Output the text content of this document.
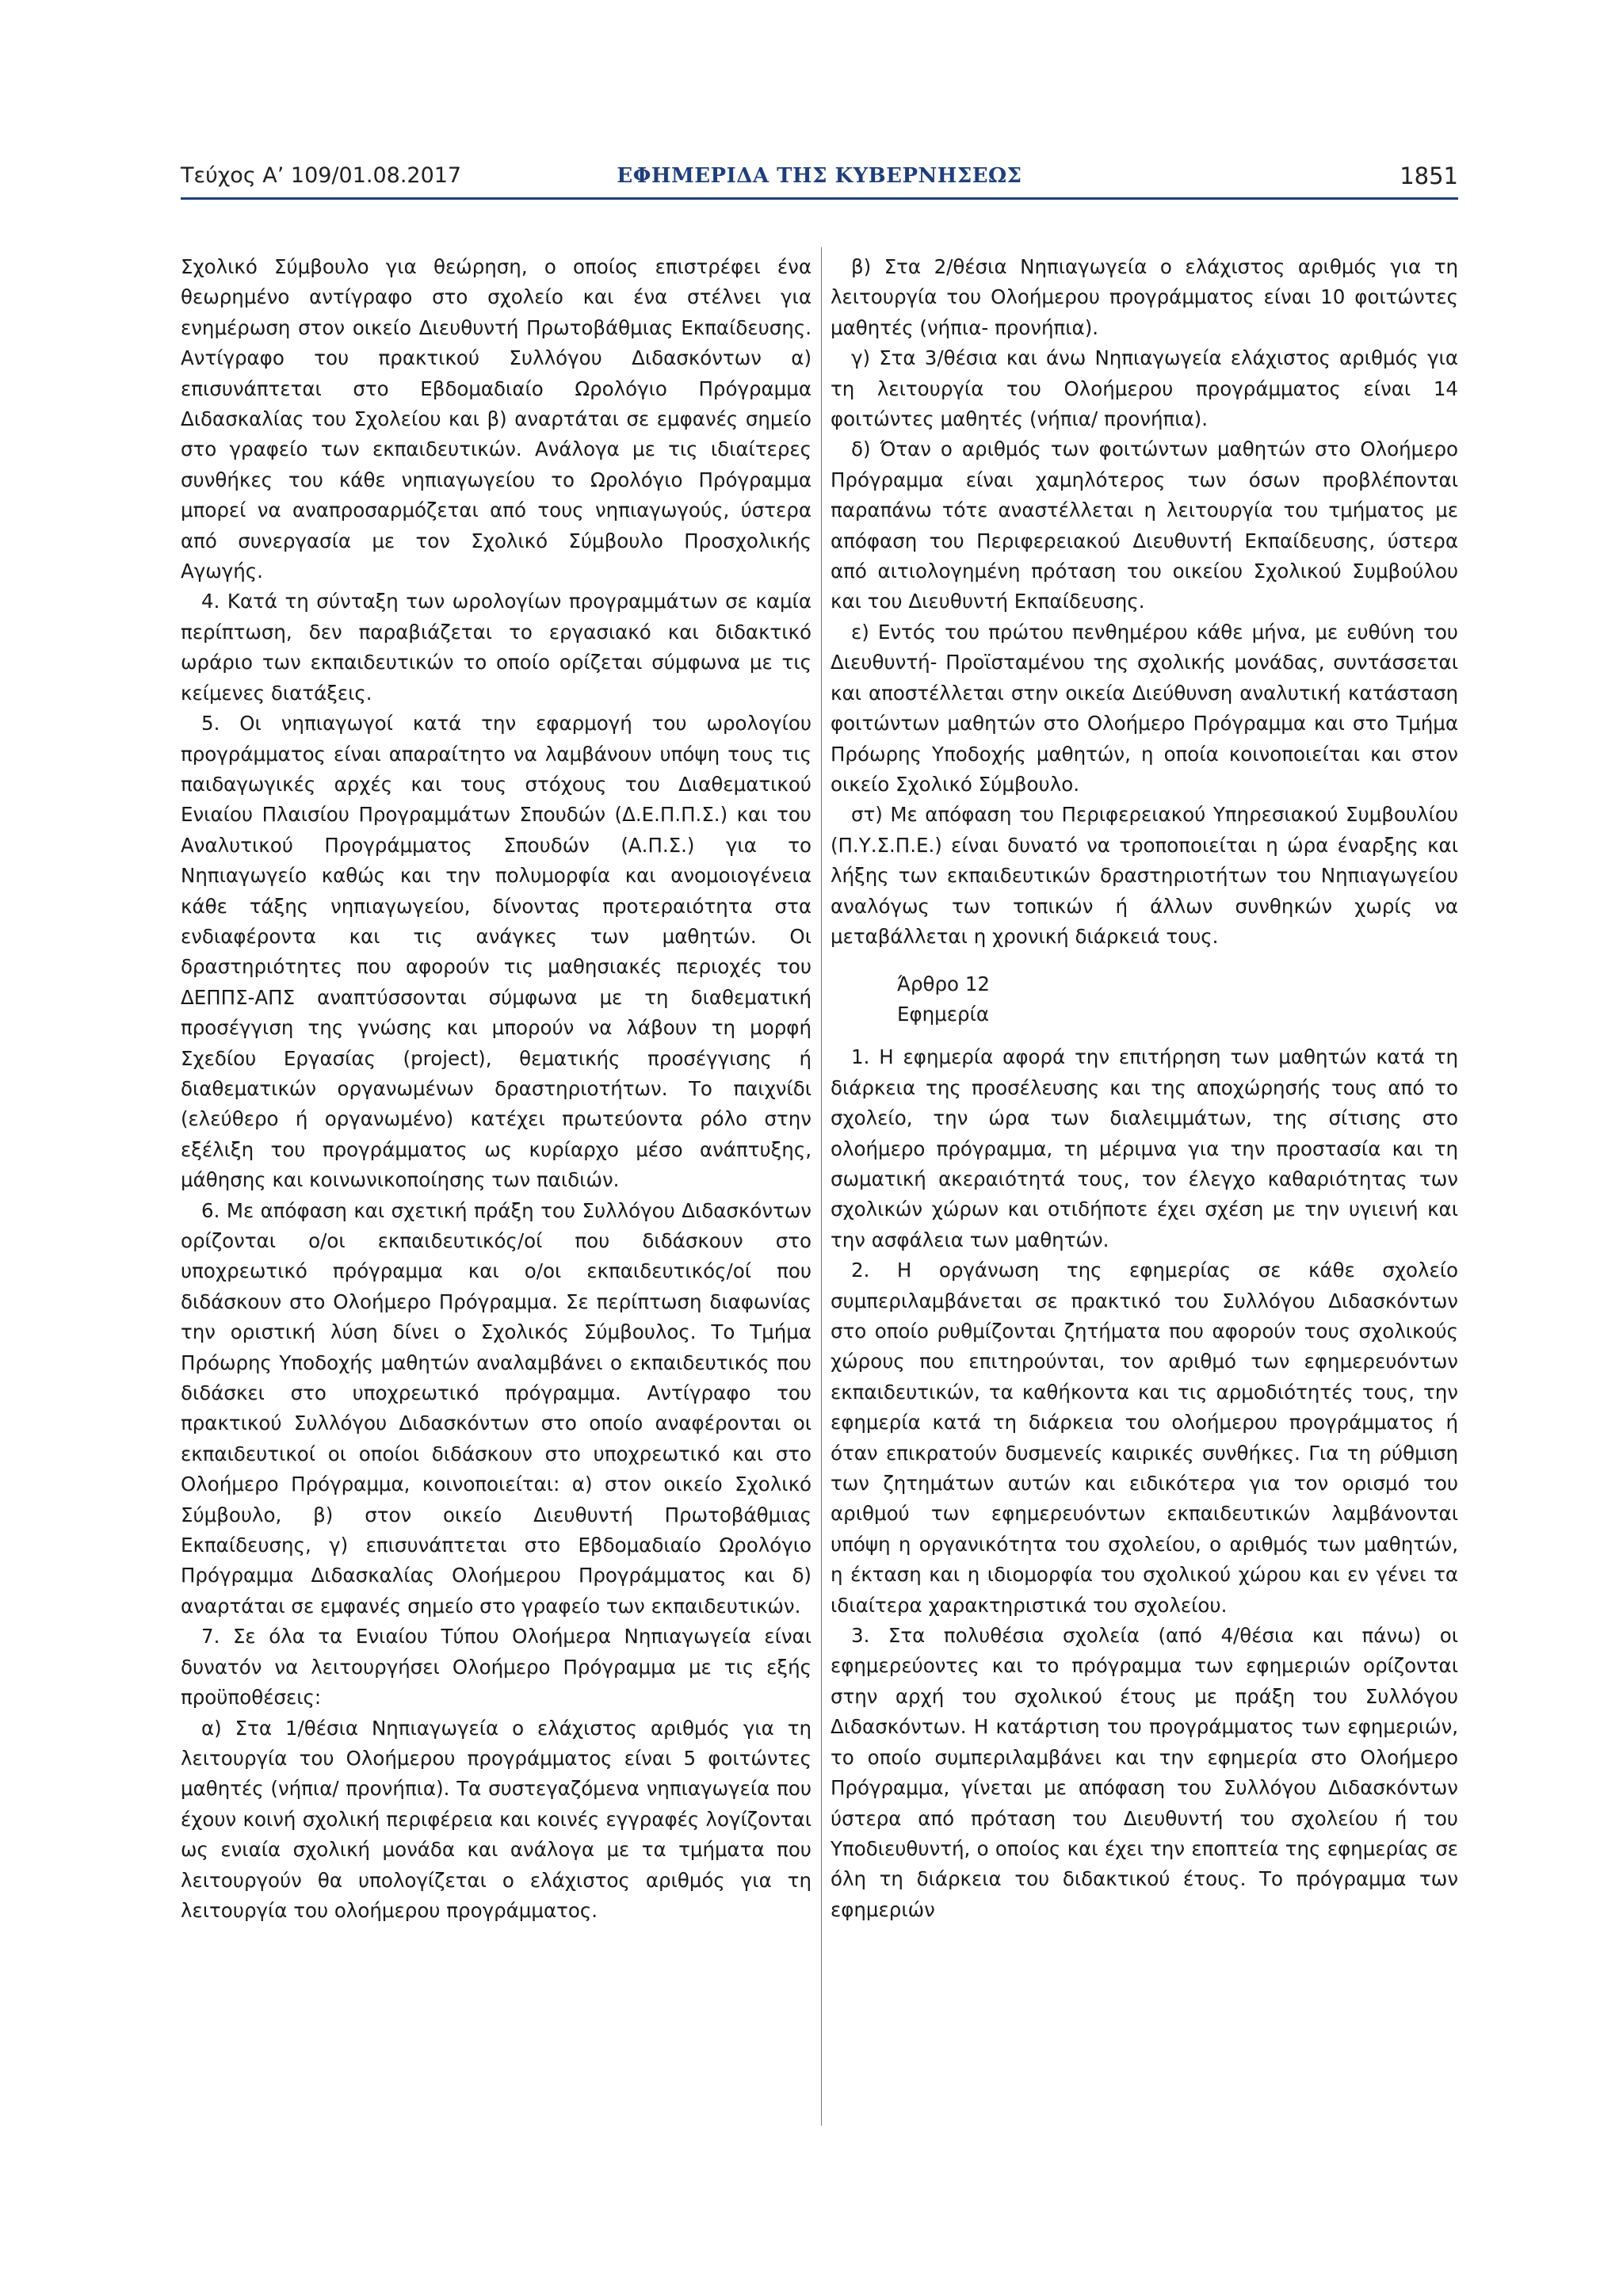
Τεύχος Α’ 109/01.08.2017	ΕΦΗΜΕΡΙΔΑ ΤΗΣ ΚΥΒΕΡΝΗΣΕΩΣ	1851

Σχολικό Σύμβουλο για θεώρηση, ο οποίος επιστρέφει ένα θεωρημένο αντίγραφο στο σχολείο και ένα στέλνει για ενημέρωση στον οικείο Διευθυντή Πρωτοβάθμιας Εκπαίδευσης. Αντίγραφο του πρακτικού Συλλόγου Διδασκόντων α) επισυνάπτεται στο Εβδομαδιαίο Ωρολόγιο Πρόγραμμα Διδασκαλίας του Σχολείου και β) αναρτάται σε εμφανές σημείο στο γραφείο των εκπαιδευτικών. Ανάλογα με τις ιδιαίτερες συνθήκες του κάθε νηπιαγωγείου το Ωρολόγιο Πρόγραμμα μπορεί να αναπροσαρμόζεται από τους νηπιαγωγούς, ύστερα από συνεργασία με τον Σχολικό Σύμβουλο Προσχολικής Αγωγής.

4. Κατά τη σύνταξη των ωρολογίων προγραμμάτων σε καμία περίπτωση, δεν παραβιάζεται το εργασιακό και διδακτικό ωράριο των εκπαιδευτικών το οποίο ορίζεται σύμφωνα με τις κείμενες διατάξεις.

5. Οι νηπιαγωγοί κατά την εφαρμογή του ωρολογίου προγράμματος είναι απαραίτητο να λαμβάνουν υπόψη τους τις παιδαγωγικές αρχές και τους στόχους του Διαθεματικού Ενιαίου Πλαισίου Προγραμμάτων Σπουδών (Δ.Ε.Π.Π.Σ.) και του Αναλυτικού Προγράμματος Σπουδών (Α.Π.Σ.) για το Νηπιαγωγείο καθώς και την πολυμορφία και ανομοιογένεια κάθε τάξης νηπιαγωγείου, δίνοντας προτεραιότητα στα ενδιαφέροντα και τις ανάγκες των μαθητών. Οι δραστηριότητες που αφορούν τις μαθησιακές περιοχές του ΔΕΠΠΣ-ΑΠΣ αναπτύσσονται σύμφωνα με τη διαθεματική προσέγγιση της γνώσης και μπορούν να λάβουν τη μορφή Σχεδίου Εργασίας (project), θεματικής προσέγγισης ή διαθεματικών οργανωμένων δραστηριοτήτων. Το παιχνίδι (ελεύθερο ή οργανωμένο) κατέχει πρωτεύοντα ρόλο στην εξέλιξη του προγράμματος ως κυρίαρχο μέσο ανάπτυξης, μάθησης και κοινωνικοποίησης των παιδιών.

6. Με απόφαση και σχετική πράξη του Συλλόγου Διδασκόντων ορίζονται ο/οι εκπαιδευτικός/οί που διδάσκουν στο υποχρεωτικό πρόγραμμα και ο/οι εκπαιδευτικός/οί που διδάσκουν στο Ολοήμερο Πρόγραμμα. Σε περίπτωση διαφωνίας την οριστική λύση δίνει ο Σχολικός Σύμβουλος. Το Τμήμα Πρόωρης Υποδοχής μαθητών αναλαμβάνει ο εκπαιδευτικός που διδάσκει στο υποχρεωτικό πρόγραμμα. Αντίγραφο του πρακτικού Συλλόγου Διδασκόντων στο οποίο αναφέρονται οι εκπαιδευτικοί οι οποίοι διδάσκουν στο υποχρεωτικό και στο Ολοήμερο Πρόγραμμα, κοινοποιείται: α) στον οικείο Σχολικό Σύμβουλο, β) στον οικείο Διευθυντή Πρωτοβάθμιας Εκπαίδευσης, γ) επισυνάπτεται στο Εβδομαδιαίο Ωρολόγιο Πρόγραμμα Διδασκαλίας Ολοήμερου Προγράμματος και δ) αναρτάται σε εμφανές σημείο στο γραφείο των εκπαιδευτικών.

7. Σε όλα τα Ενιαίου Τύπου Ολοήμερα Νηπιαγωγεία είναι δυνατόν να λειτουργήσει Ολοήμερο Πρόγραμμα με τις εξής προϋποθέσεις:

α) Στα 1/θέσια Νηπιαγωγεία ο ελάχιστος αριθμός για τη λειτουργία του Ολοήμερου προγράμματος είναι 5 φοιτώντες μαθητές (νήπια/ προνήπια). Τα συστεγαζόμενα νηπιαγωγεία που έχουν κοινή σχολική περιφέρεια και κοινές εγγραφές λογίζονται ως ενιαία σχολική μονάδα και ανάλογα με τα τμήματα που λειτουργούν θα υπολογίζεται ο ελάχιστος αριθμός για τη λειτουργία του ολοήμερου προγράμματος.

β) Στα 2/θέσια Νηπιαγωγεία ο ελάχιστος αριθμός για τη λειτουργία του Ολοήμερου προγράμματος είναι 10 φοιτώντες μαθητές (νήπια- προνήπια).

γ) Στα 3/θέσια και άνω Νηπιαγωγεία ελάχιστος αριθμός για τη λειτουργία του Ολοήμερου προγράμματος είναι 14 φοιτώντες μαθητές (νήπια/ προνήπια).

δ) Όταν ο αριθμός των φοιτώντων μαθητών στο Ολοήμερο Πρόγραμμα είναι χαμηλότερος των όσων προβλέπονται παραπάνω τότε αναστέλλεται η λειτουργία του τμήματος με απόφαση του Περιφερειακού Διευθυντή Εκπαίδευσης, ύστερα από αιτιολογημένη πρόταση του οικείου Σχολικού Συμβούλου και του Διευθυντή Εκπαίδευσης.

ε) Εντός του πρώτου πενθημέρου κάθε μήνα, με ευθύνη του Διευθυντή- Προϊσταμένου της σχολικής μονάδας, συντάσσεται και αποστέλλεται στην οικεία Διεύθυνση αναλυτική κατάσταση φοιτώντων μαθητών στο Ολοήμερο Πρόγραμμα και στο Τμήμα Πρόωρης Υποδοχής μαθητών, η οποία κοινοποιείται και στον οικείο Σχολικό Σύμβουλο.

στ) Με απόφαση του Περιφερειακού Υπηρεσιακού Συμβουλίου (Π.Υ.Σ.Π.Ε.) είναι δυνατό να τροποποιείται η ώρα έναρξης και λήξης των εκπαιδευτικών δραστηριοτήτων του Νηπιαγωγείου αναλόγως των τοπικών ή άλλων συνθηκών χωρίς να μεταβάλλεται η χρονική διάρκειά τους.

Άρθρο 12
Εφημερία

1. Η εφημερία αφορά την επιτήρηση των μαθητών κατά τη διάρκεια της προσέλευσης και της αποχώρησής τους από το σχολείο, την ώρα των διαλειμμάτων, της σίτισης στο ολοήμερο πρόγραμμα, τη μέριμνα για την προστασία και τη σωματική ακεραιότητά τους, τον έλεγχο καθαριότητας των σχολικών χώρων και οτιδήποτε έχει σχέση με την υγιεινή και την ασφάλεια των μαθητών.

2. Η οργάνωση της εφημερίας σε κάθε σχολείο συμπεριλαμβάνεται σε πρακτικό του Συλλόγου Διδασκόντων στο οποίο ρυθμίζονται ζητήματα που αφορούν τους σχολικούς χώρους που επιτηρούνται, τον αριθμό των εφημερευόντων εκπαιδευτικών, τα καθήκοντα και τις αρμοδιότητές τους, την εφημερία κατά τη διάρκεια του ολοήμερου προγράμματος ή όταν επικρατούν δυσμενείς καιρικές συνθήκες. Για τη ρύθμιση των ζητημάτων αυτών και ειδικότερα για τον ορισμό του αριθμού των εφημερευόντων εκπαιδευτικών λαμβάνονται υπόψη η οργανικότητα του σχολείου, ο αριθμός των μαθητών, η έκταση και η ιδιομορφία του σχολικού χώρου και εν γένει τα ιδιαίτερα χαρακτηριστικά του σχολείου.

3. Στα πολυθέσια σχολεία (από 4/θέσια και πάνω) οι εφημερεύοντες και το πρόγραμμα των εφημεριών ορίζονται στην αρχή του σχολικού έτους με πράξη του Συλλόγου Διδασκόντων. Η κατάρτιση του προγράμματος των εφημεριών, το οποίο συμπεριλαμβάνει και την εφημερία στο Ολοήμερο Πρόγραμμα, γίνεται με απόφαση του Συλλόγου Διδασκόντων ύστερα από πρόταση του Διευθυντή του σχολείου ή του Υποδιευθυντή, ο οποίος και έχει την εποπτεία της εφημερίας σε όλη τη διάρκεια του διδακτικού έτους. Το πρόγραμμα των εφημεριών
